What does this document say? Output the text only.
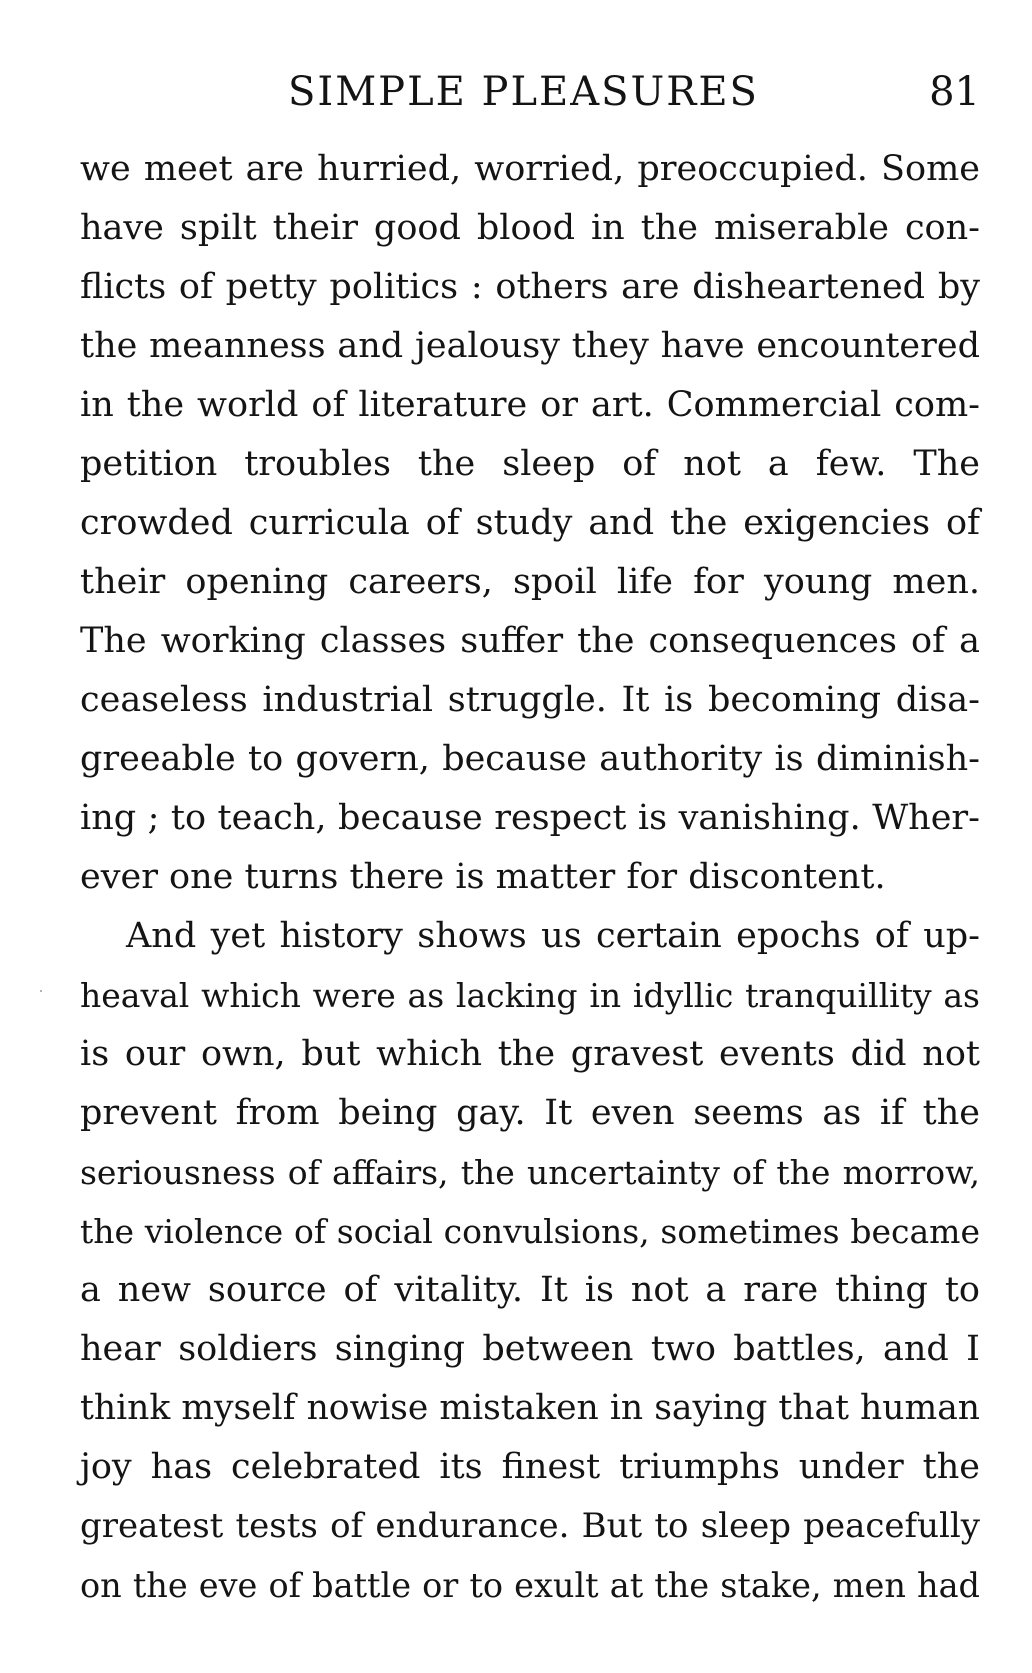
SIMPLE PLEASURES	81
we meet are hurried, worried, preoccupied. Some
have spilt their good blood in the miserable con-
flicts of petty politics : others are disheartened by
the meanness and jealousy they have encountered
in the world of literature or art. Commercial com-
petition troubles the sleep of not a few. The
crowded curricula of study and the exigencies of
their opening careers, spoil life for young men.
The working classes suffer the consequences of a
ceaseless industrial struggle. It is becoming disa-
greeable to govern, because authority is diminish-
ing ; to teach, because respect is vanishing. Wher-
ever one turns there is matter for discontent.
And yet history shows us certain epochs of up-
heaval which were as lacking in idyllic tranquillity as
is our own, but which the gravest events did not
prevent from being gay. It even seems as if the
seriousness of affairs, the uncertainty of the morrow,
the violence of social convulsions, sometimes became
a new source of vitality. It is not a rare thing to
hear soldiers singing between two battles, and I
think myself nowise mistaken in saying that human
joy has celebrated its finest triumphs under the
greatest tests of endurance. But to sleep peacefully
on the eve of battle or to exult at the stake, men had
